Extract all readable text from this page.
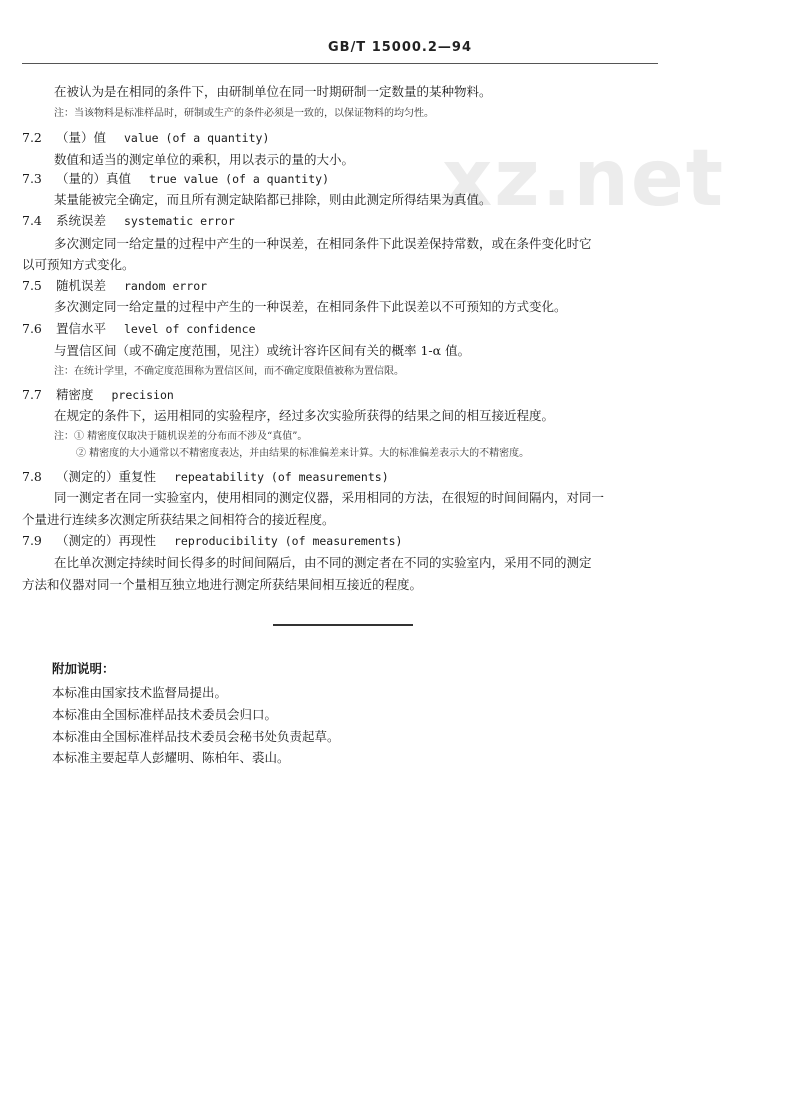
GB/T 15000.2—94
xz.net
在被认为是在相同的条件下，由研制单位在同一时期研制一定数量的某种物料。
注：当该物料是标准样品时，研制或生产的条件必须是一致的，以保证物料的均匀性。
7.2 （量）值 value (of a quantity)
数值和适当的测定单位的乘积，用以表示的量的大小。
7.3 （量的）真值 true value (of a quantity)
某量能被完全确定，而且所有测定缺陷都已排除，则由此测定所得结果为真值。
7.4 系统误差 systematic error
多次测定同一给定量的过程中产生的一种误差，在相同条件下此误差保持常数，或在条件变化时它
以可预知方式变化。
7.5 随机误差 random error
多次测定同一给定量的过程中产生的一种误差，在相同条件下此误差以不可预知的方式变化。
7.6 置信水平 level of confidence
与置信区间（或不确定度范围，见注）或统计容许区间有关的概率 1-α 值。
注：在统计学里，不确定度范围称为置信区间，而不确定度限值被称为置信限。
7.7 精密度 precision
在规定的条件下，运用相同的实验程序，经过多次实验所获得的结果之间的相互接近程度。
注：① 精密度仅取决于随机误差的分布而不涉及“真值”。
② 精密度的大小通常以不精密度表达，并由结果的标准偏差来计算。大的标准偏差表示大的不精密度。
7.8 （测定的）重复性 repeatability (of measurements)
同一测定者在同一实验室内，使用相同的测定仪器，采用相同的方法，在很短的时间间隔内，对同一
个量进行连续多次测定所获结果之间相符合的接近程度。
7.9 （测定的）再现性 reproducibility (of measurements)
在比单次测定持续时间长得多的时间间隔后，由不同的测定者在不同的实验室内，采用不同的测定
方法和仪器对同一个量相互独立地进行测定所获结果间相互接近的程度。
附加说明：
本标准由国家技术监督局提出。
本标准由全国标准样品技术委员会归口。
本标准由全国标准样品技术委员会秘书处负责起草。
本标准主要起草人彭耀明、陈柏年、裘山。
